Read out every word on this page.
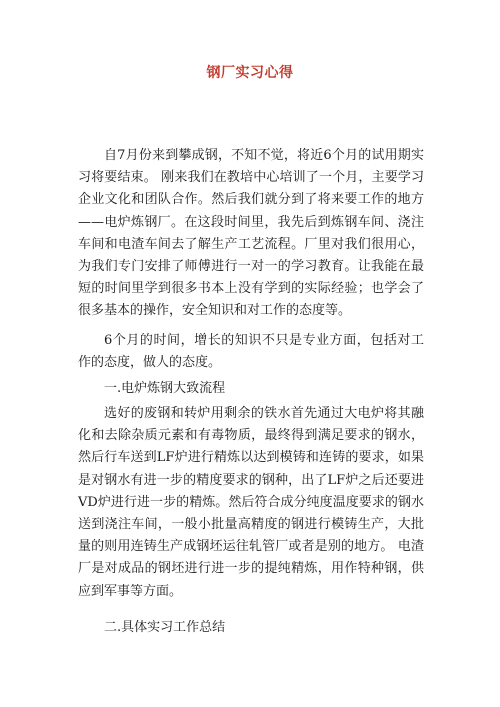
钢厂实习心得

自7月份来到攀成钢，不知不觉，将近6个月的试用期实习将要结束。 刚来我们在教培中心培训了一个月，主要学习企业文化和团队合作。然后我们就分到了将来要工作的地方——电炉炼钢厂。在这段时间里，我先后到炼钢车间、浇注车间和电渣车间去了解生产工艺流程。厂里对我们很用心，为我们专门安排了师傅进行一对一的学习教育。让我能在最短的时间里学到很多书本上没有学到的实际经验；也学会了很多基本的操作，安全知识和对工作的态度等。

6个月的时间，增长的知识不只是专业方面，包括对工作的态度，做人的态度。

一.电炉炼钢大致流程

选好的废钢和转炉用剩余的铁水首先通过大电炉将其融化和去除杂质元素和有毒物质，最终得到满足要求的钢水，然后行车送到LF炉进行精炼以达到模铸和连铸的要求，如果是对钢水有进一步的精度要求的钢种，出了LF炉之后还要进VD炉进行进一步的精炼。然后符合成分纯度温度要求的钢水送到浇注车间，一般小批量高精度的钢进行模铸生产，大批量的则用连铸生产成钢坯运往轧管厂或者是别的地方。 电渣厂是对成品的钢坯进行进一步的提纯精炼，用作特种钢，供应到军事等方面。

二.具体实习工作总结
